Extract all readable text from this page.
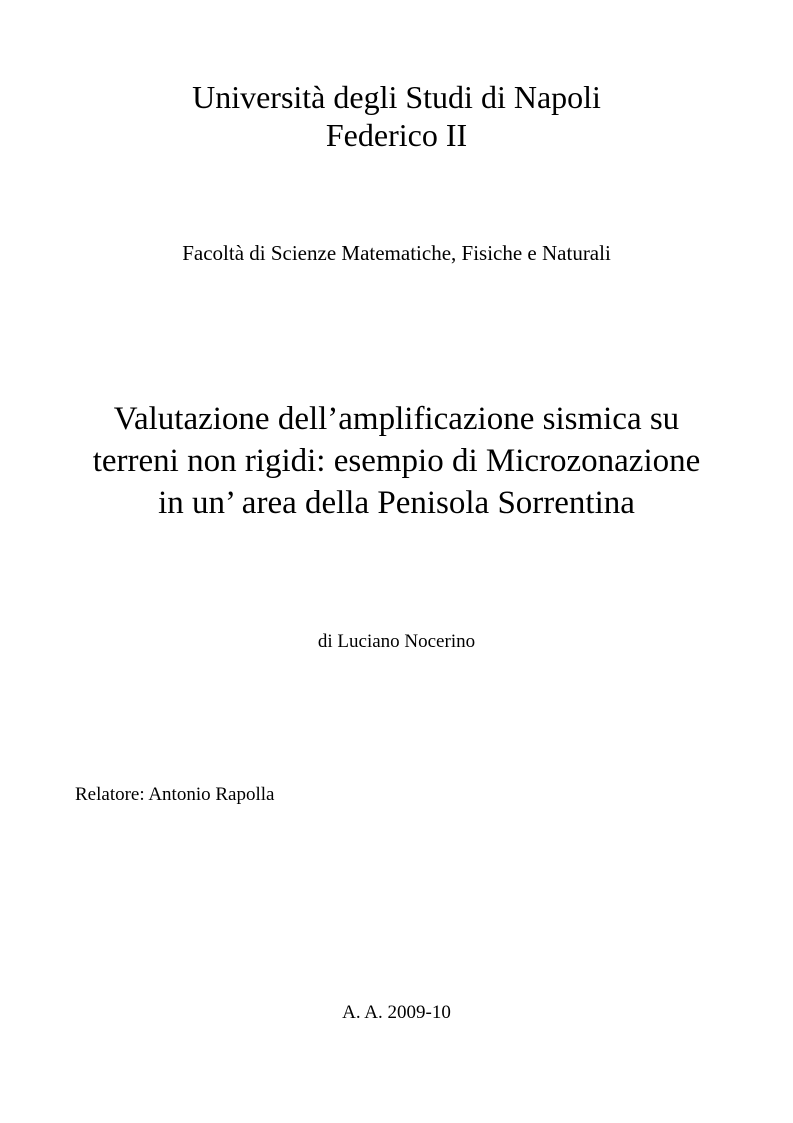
Università degli Studi di Napoli
Federico II
Facoltà di Scienze Matematiche, Fisiche e Naturali
Valutazione dell’amplificazione sismica su
terreni non rigidi: esempio di Microzonazione
in un’ area della Penisola Sorrentina
di Luciano Nocerino
Relatore: Antonio Rapolla
A. A. 2009-10
